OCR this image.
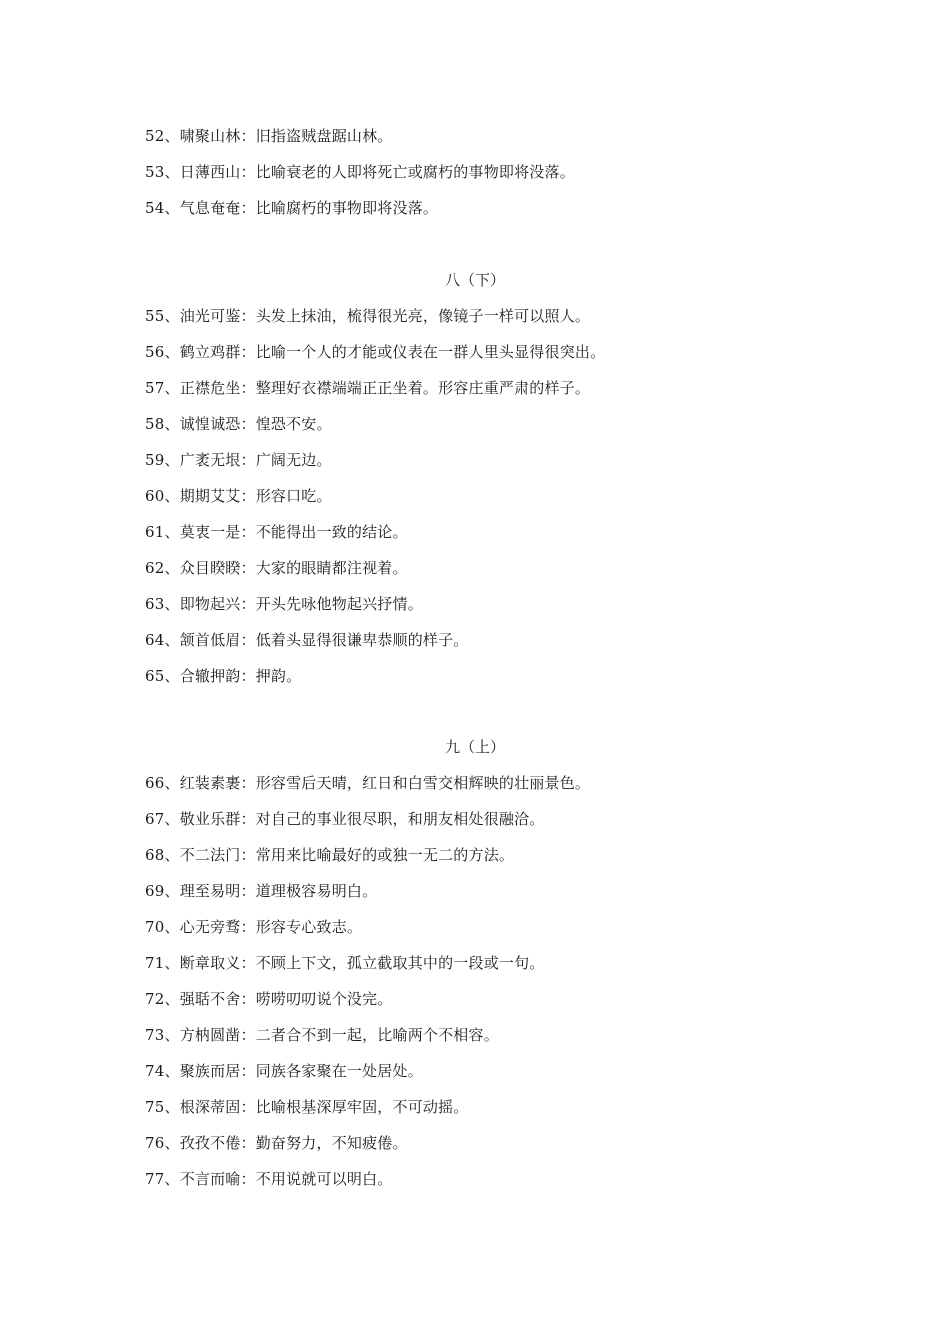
52、啸聚山林：旧指盗贼盘踞山林。
53、日薄西山：比喻衰老的人即将死亡或腐朽的事物即将没落。
54、气息奄奄：比喻腐朽的事物即将没落。
八（下）
55、油光可鉴：头发上抹油，梳得很光亮，像镜子一样可以照人。
56、鹤立鸡群：比喻一个人的才能或仪表在一群人里头显得很突出。
57、正襟危坐：整理好衣襟端端正正坐着。形容庄重严肃的样子。
58、诚惶诚恐：惶恐不安。
59、广袤无垠：广阔无边。
60、期期艾艾：形容口吃。
61、莫衷一是：不能得出一致的结论。
62、众目睽睽：大家的眼睛都注视着。
63、即物起兴：开头先咏他物起兴抒情。
64、颔首低眉：低着头显得很谦卑恭顺的样子。
65、合辙押韵：押韵。
九（上）
66、红装素裹：形容雪后天晴，红日和白雪交相辉映的壮丽景色。
67、敬业乐群：对自己的事业很尽职，和朋友相处很融洽。
68、不二法门：常用来比喻最好的或独一无二的方法。
69、理至易明：道理极容易明白。
70、心无旁骛：形容专心致志。
71、断章取义：不顾上下文，孤立截取其中的一段或一句。
72、强聒不舍：唠唠叨叨说个没完。
73、方枘圆凿：二者合不到一起，比喻两个不相容。
74、聚族而居：同族各家聚在一处居处。
75、根深蒂固：比喻根基深厚牢固，不可动摇。
76、孜孜不倦：勤奋努力，不知疲倦。
77、不言而喻：不用说就可以明白。
